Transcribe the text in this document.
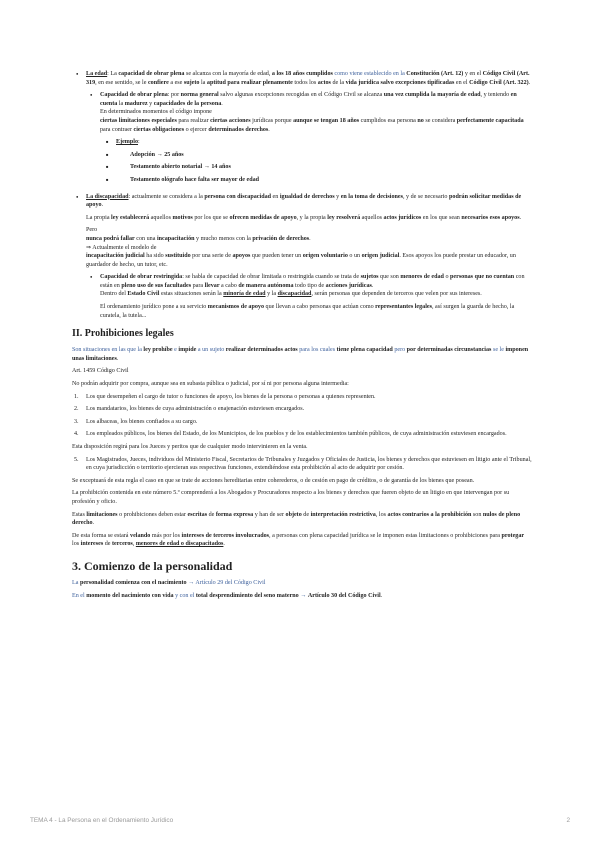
● La edad: La capacidad de obrar plena se alcanza con la mayoría de edad, a los 18 años cumplidos como viene establecido en la Constitución (Art. 12) y en el Código Civil (Art. 319, en ese sentido, se le confiere a ese sujeto la aptitud para realizar plenamente todos los actos de la vida jurídica salvo excepciones tipificadas en el Código Civil (Art. 322).
● Capacidad de obrar plena: por norma general salvo algunas excepciones recogidas en el Código Civil se alcanza una vez cumplida la mayoría de edad, y teniendo en cuenta la madurez y capacidades de la persona.
En determinados momentos el código impone
ciertas limitaciones especiales para realizar ciertas acciones jurídicas porque aunque se tengan 18 años cumplidos esa persona no se considera perfectamente capacitada para contraer ciertas obligaciones o ejercer determinados derechos.
■ Ejemplo:
■ Adopción → 25 años
■ Testamento abierto notarial → 14 años
■ Testamento ológrafo hace falta ser mayor de edad
● La discapacidad: actualmente se considera a la persona con discapacidad en igualdad de derechos y en la toma de decisiones, y de se necesario podrán solicitar medidas de apoyo.
La propia ley establecerá aquellos motivos por los que se ofrecen medidas de apoyo, y la propia ley resolverá aquellos actos jurídicos en los que sean necesarios esos apoyos.
Pero
nunca podrá fallar con una incapacitación y mucho menos con la privación de derechos.
⇒ Actualmente el modelo de
incapacitación judicial ha sido sustituido por una serie de apoyos que pueden tener un origen voluntario o un origen judicial. Esos apoyos los puede prestar un educador, un guardador de hecho, un tutor, etc.
● Capacidad de obrar restringida: se habla de capacidad de obrar limitada o restringida cuando se trata de sujetos que son menores de edad o personas que no cuentan con están en pleno uso de sus facultades para llevar a cabo de manera autónoma todo tipo de acciones jurídicas.
Dentro del Estado Civil estas situaciones serán la minoría de edad y la discapacidad, serán personas que dependen de terceros que velen por sus intereses.
El ordenamiento jurídico pone a su servicio mecanismos de apoyo que llevan a cabo personas que actúan como representantes legales, así surgen la guarda de hecho, la curatela, la tutela...
II. Prohibiciones legales

Son situaciones en las que la ley prohíbe e impide a un sujeto realizar determinados actos para los cuales tiene plena capacidad pero por determinadas circunstancias se le imponen unas limitaciones.

Art. 1459 Código Civil

No podrán adquirir por compra, aunque sea en subasta pública o judicial, por sí ni por persona alguna intermedia:

1. Los que desempeñen el cargo de tutor o funciones de apoyo, los bienes de la persona o personas a quienes representen.
2. Los mandatarios, los bienes de cuya administración o enajenación estuviesen encargados.
3. Los albaceas, los bienes confiados a su cargo.
4. Los empleados públicos, los bienes del Estado, de los Municipios, de los pueblos y de los establecimientos también públicos, de cuya administración estuviesen encargados.

Esta disposición regirá para los Jueces y peritos que de cualquier modo intervinieren en la venta.

5. Los Magistrados, Jueces, individuos del Ministerio Fiscal, Secretarios de Tribunales y Juzgados y Oficiales de Justicia, los bienes y derechos que estuviesen en litigio ante el Tribunal, en cuya jurisdicción o territorio ejercieran sus respectivas funciones, extendiéndose esta prohibición al acto de adquirir por cesión.

Se exceptuará de esta regla el caso en que se trate de acciones hereditarias entre coherederos, o de cesión en pago de créditos, o de garantía de los bienes que posean.

La prohibición contenida en este número 5.º comprenderá a los Abogados y Procuradores respecto a los bienes y derechos que fueren objeto de un litigio en que intervengan por su profesión y oficio.

Estas limitaciones o prohibiciones deben estar escritas de forma expresa y han de ser objeto de interpretación restrictiva, los actos contrarios a la prohibición son nulos de pleno derecho.

De esta forma se estará velando más por los intereses de terceros involucrados, a personas con plena capacidad jurídica se le imponen estas limitaciones o prohibiciones para protegar los intereses de terceros, menores de edad o discapacitados.

3. Comienzo de la personalidad

La personalidad comienza con el nacimiento → Artículo 29 del Código Civil

En el momento del nacimiento con vida y con el total desprendimiento del seno materno → Artículo 30 del Código Civil.

TEMA 4 - La Persona en el Ordenamiento Jurídico	2
